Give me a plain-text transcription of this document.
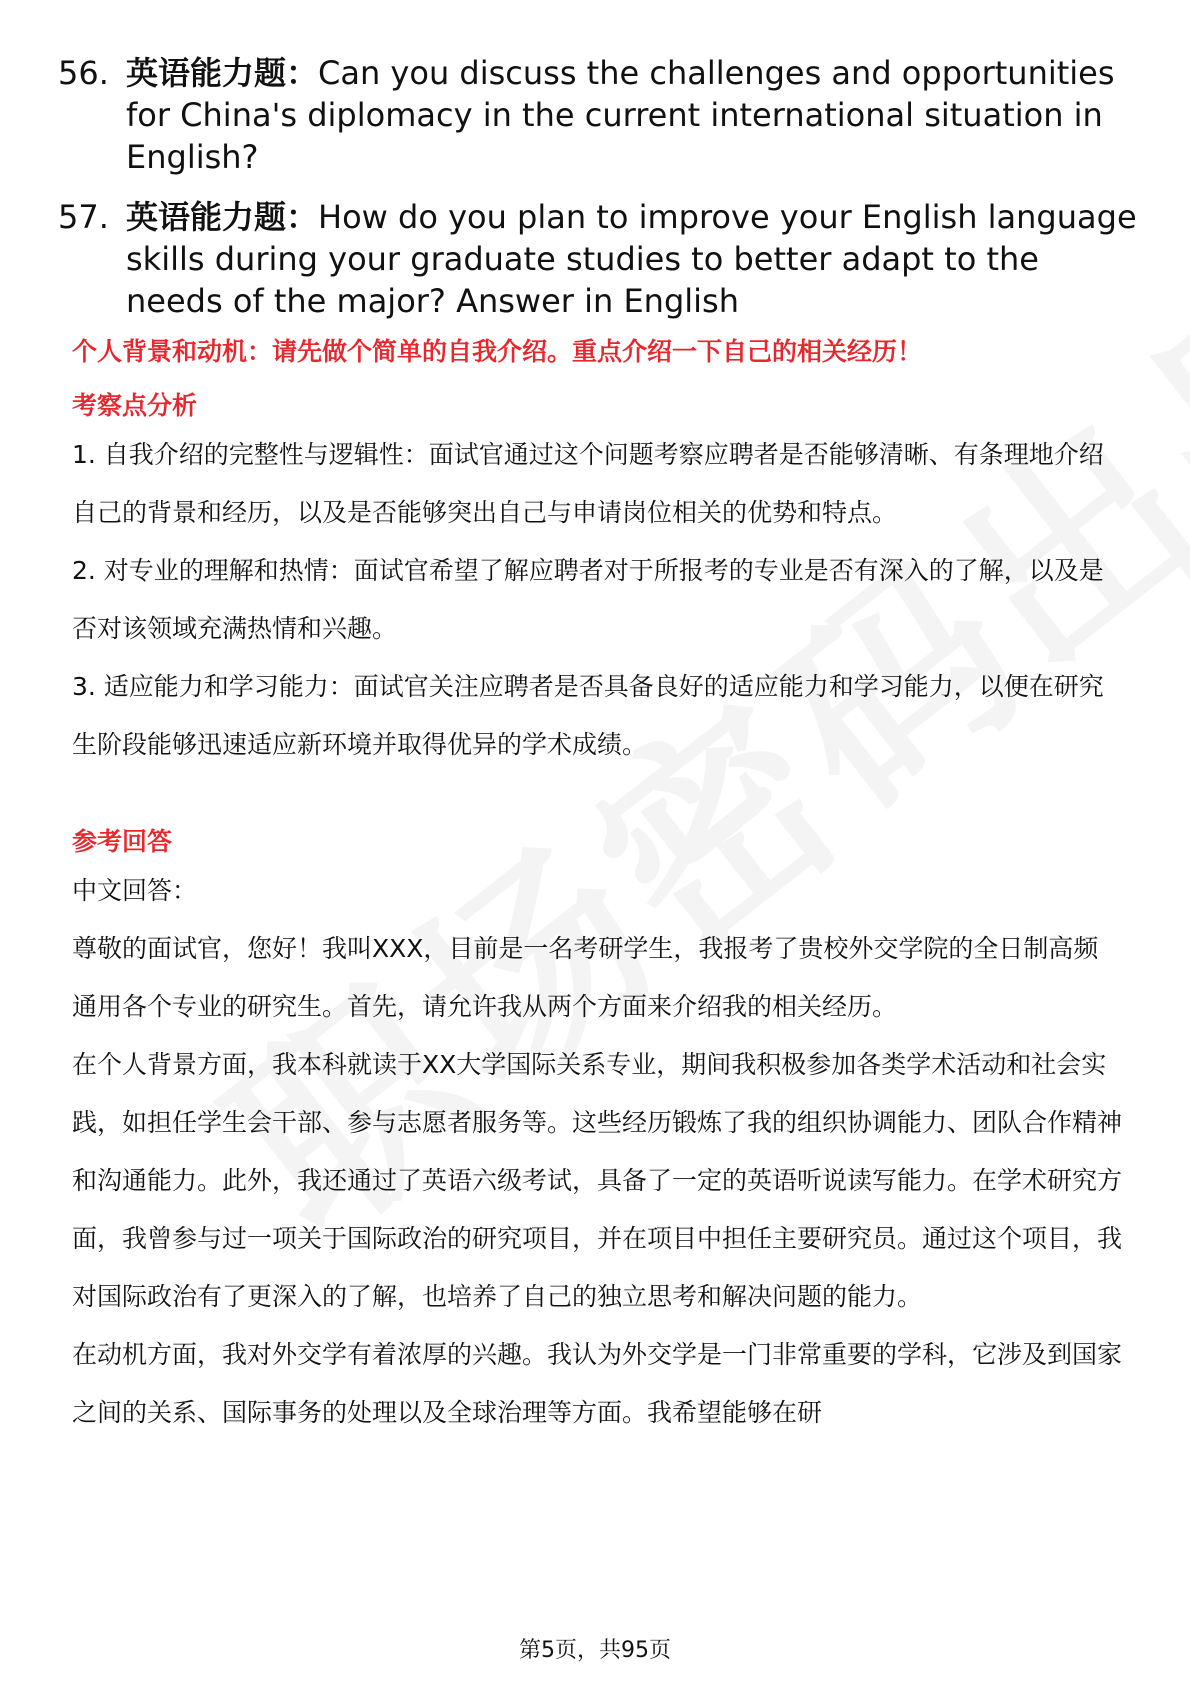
56. 英语能力题：Can you discuss the challenges and opportunities for China's diplomacy in the current international situation in English?
57. 英语能力题：How do you plan to improve your English language skills during your graduate studies to better adapt to the needs of the major? Answer in English
个人背景和动机：请先做个简单的自我介绍。重点介绍一下自己的相关经历！
考察点分析
1. 自我介绍的完整性与逻辑性：面试官通过这个问题考察应聘者是否能够清晰、有条理地介绍自己的背景和经历，以及是否能够突出自己与申请岗位相关的优势和特点。
2. 对专业的理解和热情：面试官希望了解应聘者对于所报考的专业是否有深入的了解，以及是否对该领域充满热情和兴趣。
3. 适应能力和学习能力：面试官关注应聘者是否具备良好的适应能力和学习能力，以便在研究生阶段能够迅速适应新环境并取得优异的学术成绩。
参考回答
中文回答：
尊敬的面试官，您好！我叫XXX，目前是一名考研学生，我报考了贵校外交学院的全日制高频通用各个专业的研究生。首先，请允许我从两个方面来介绍我的相关经历。
在个人背景方面，我本科就读于XX大学国际关系专业，期间我积极参加各类学术活动和社会实践，如担任学生会干部、参与志愿者服务等。这些经历锻炼了我的组织协调能力、团队合作精神和沟通能力。此外，我还通过了英语六级考试，具备了一定的英语听说读写能力。在学术研究方面，我曾参与过一项关于国际政治的研究项目，并在项目中担任主要研究员。通过这个项目，我对国际政治有了更深入的了解，也培养了自己的独立思考和解决问题的能力。
在动机方面，我对外交学有着浓厚的兴趣。我认为外交学是一门非常重要的学科，它涉及到国家之间的关系、国际事务的处理以及全球治理等方面。我希望能够在研
第5页，共95页
